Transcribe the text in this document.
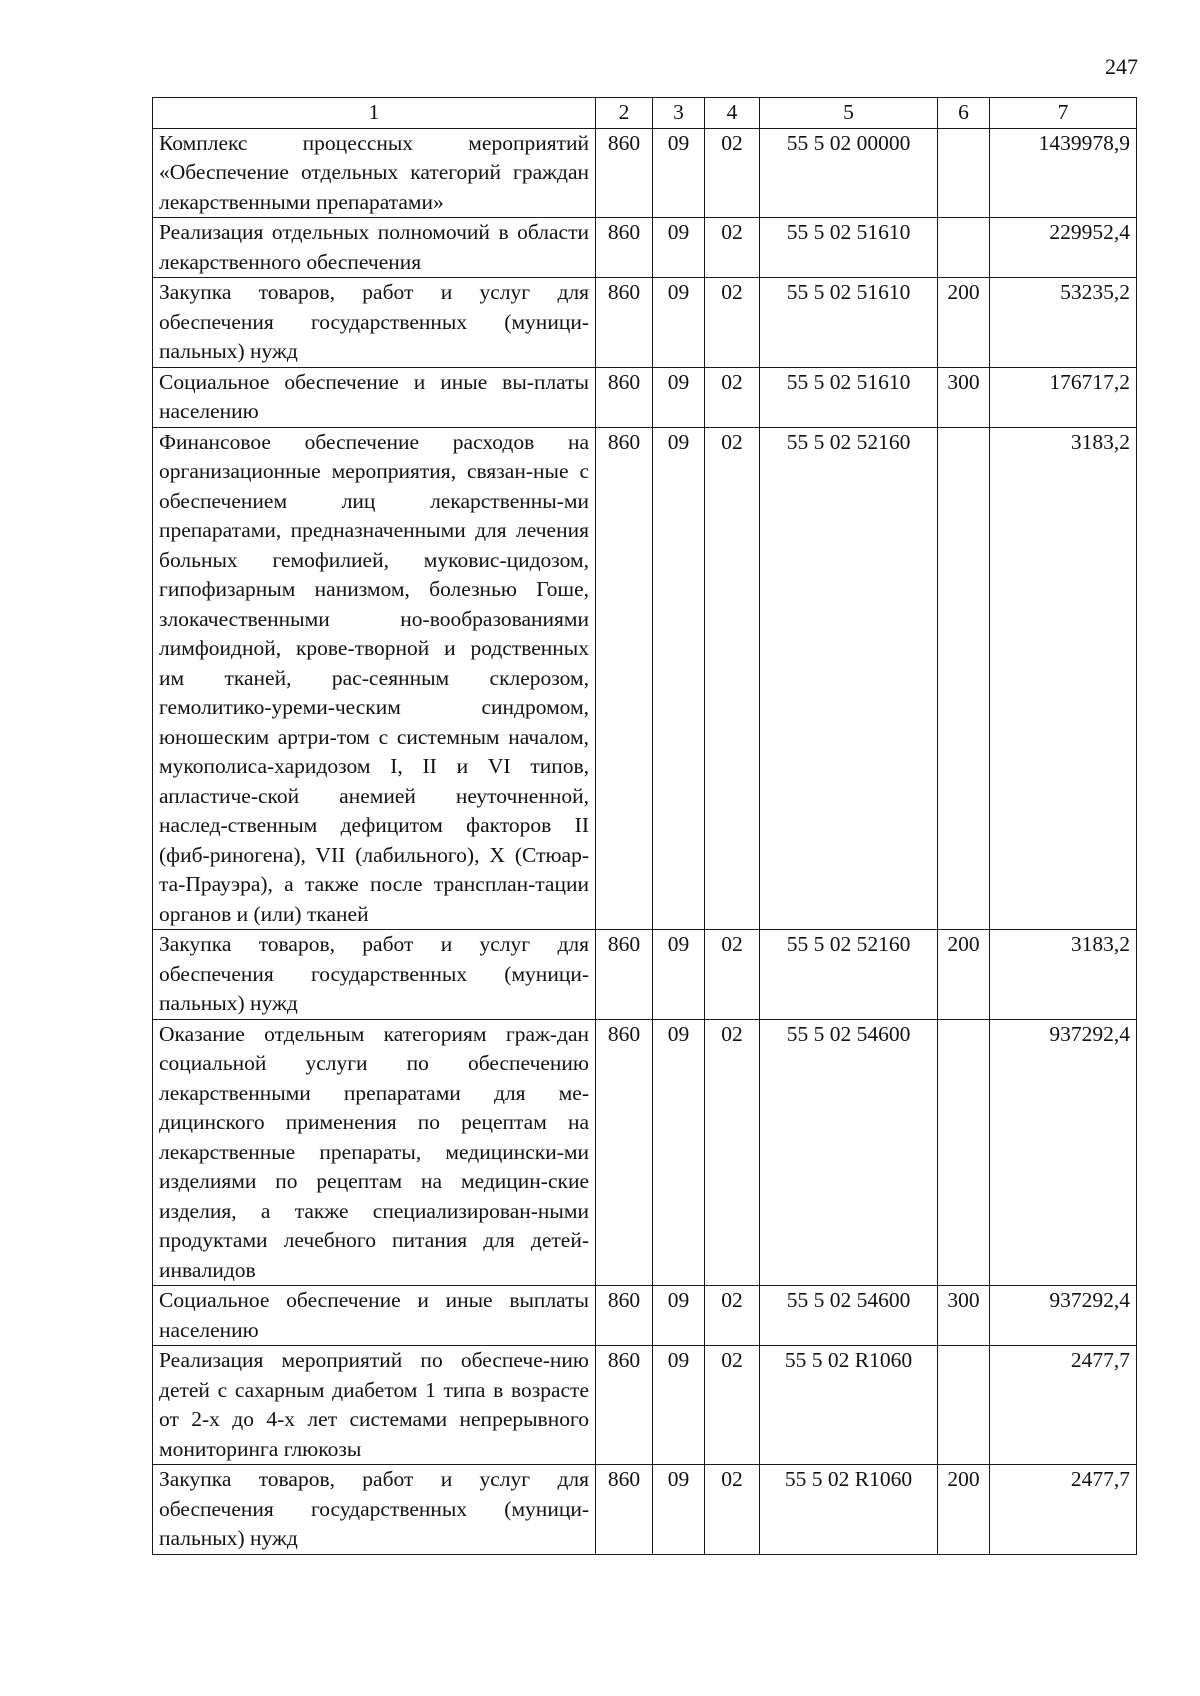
247
1	2	3	4	5	6	7
Комплекс процессных мероприятий «Обеспечение отдельных категорий граждан лекарственными препаратами»	860	09	02	55 5 02 00000		1439978,9
Реализация отдельных полномочий в области лекарственного обеспечения	860	09	02	55 5 02 51610		229952,4
Закупка товаров, работ и услуг для обеспечения государственных (муници-пальных) нужд	860	09	02	55 5 02 51610	200	53235,2
Социальное обеспечение и иные вы-платы населению	860	09	02	55 5 02 51610	300	176717,2
Финансовое обеспечение расходов на организационные мероприятия, связан-ные с обеспечением лиц лекарственны-ми препаратами, предназначенными для лечения больных гемофилией, муковис-цидозом, гипофизарным нанизмом, болезнью Гоше, злокачественными но-вообразованиями лимфоидной, крове-творной и родственных им тканей, рас-сеянным склерозом, гемолитико-уреми-ческим синдромом, юношеским артри-том с системным началом, мукополиса-харидозом I, II и VI типов, апластиче-ской анемией неуточненной, наслед-ственным дефицитом факторов II (фиб-риногена), VII (лабильного), X (Стюар-та-Прауэра), а также после трансплан-тации органов и (или) тканей	860	09	02	55 5 02 52160		3183,2
Закупка товаров, работ и услуг для обеспечения государственных (муници-пальных) нужд	860	09	02	55 5 02 52160	200	3183,2
Оказание отдельным категориям граж-дан социальной услуги по обеспечению лекарственными препаратами для ме-дицинского применения по рецептам на лекарственные препараты, медицински-ми изделиями по рецептам на медицин-ские изделия, а также специализирован-ными продуктами лечебного питания для детей-инвалидов	860	09	02	55 5 02 54600		937292,4
Социальное обеспечение и иные выплаты населению	860	09	02	55 5 02 54600	300	937292,4
Реализация мероприятий по обеспече-нию детей с сахарным диабетом 1 типа в возрасте от 2-х до 4-х лет системами непрерывного мониторинга глюкозы	860	09	02	55 5 02 R1060		2477,7
Закупка товаров, работ и услуг для обеспечения государственных (муници-пальных) нужд	860	09	02	55 5 02 R1060	200	2477,7
